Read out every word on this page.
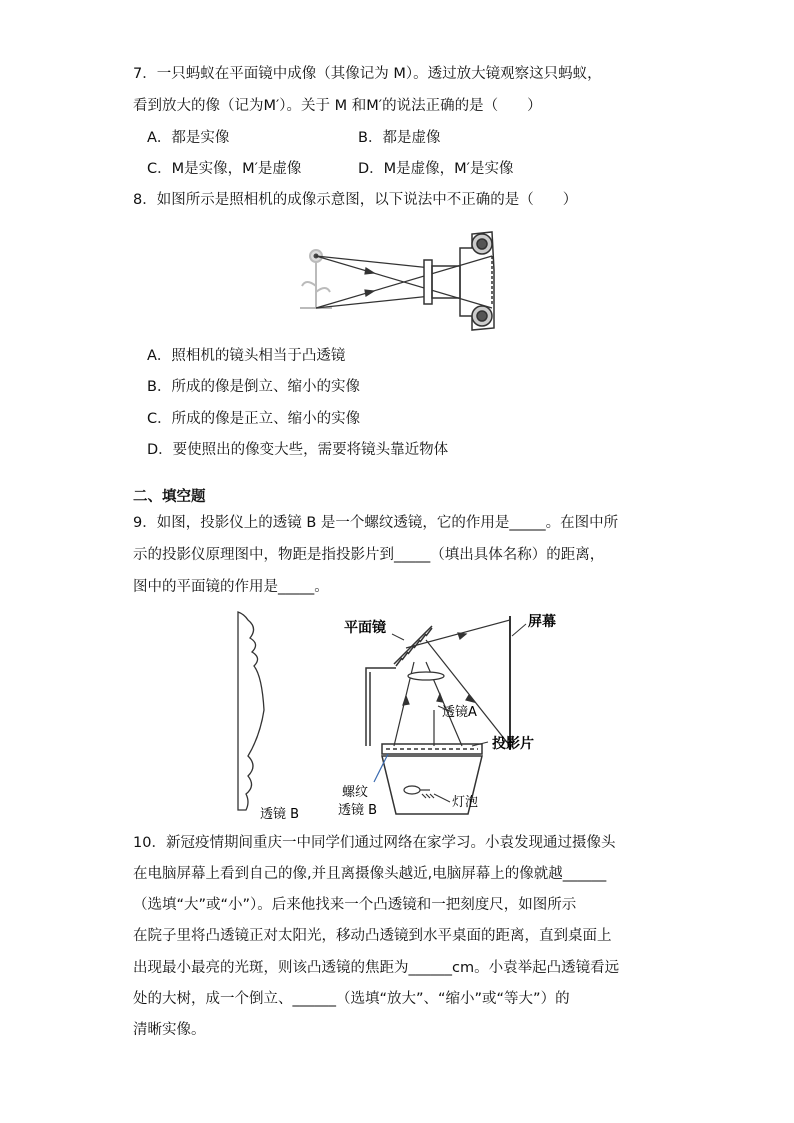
7．一只蚂蚁在平面镜中成像（其像记为 M）。透过放大镜观察这只蚂蚁，
看到放大的像（记为M′）。关于 M 和M′的说法正确的是（　　）
A．都是实像	B．都是虚像
C．M是实像，M′是虚像	D．M是虚像，M′是实像
8．如图所示是照相机的成像示意图，以下说法中不正确的是（　　）
A．照相机的镜头相当于凸透镜
B．所成的像是倒立、缩小的实像
C．所成的像是正立、缩小的实像
D．要使照出的像变大些，需要将镜头靠近物体
二、填空题
9．如图，投影仪上的透镜 B 是一个螺纹透镜，它的作用是_____。在图中所
示的投影仪原理图中，物距是指投影片到_____（填出具体名称）的距离，
图中的平面镜的作用是_____。
透镜 B
平面镜	屏幕
透镜A
投影片
螺纹
透镜 B
灯泡
10．新冠疫情期间重庆一中同学们通过网络在家学习。小袁发现通过摄像头
在电脑屏幕上看到自己的像,并且离摄像头越近,电脑屏幕上的像就越______
（选填“大”或“小”）。后来他找来一个凸透镜和一把刻度尺，如图所示
在院子里将凸透镜正对太阳光，移动凸透镜到水平桌面的距离，直到桌面上
出现最小最亮的光斑，则该凸透镜的焦距为______cm。小袁举起凸透镜看远
处的大树，成一个倒立、______（选填“放大”、“缩小”或“等大”）的
清晰实像。
